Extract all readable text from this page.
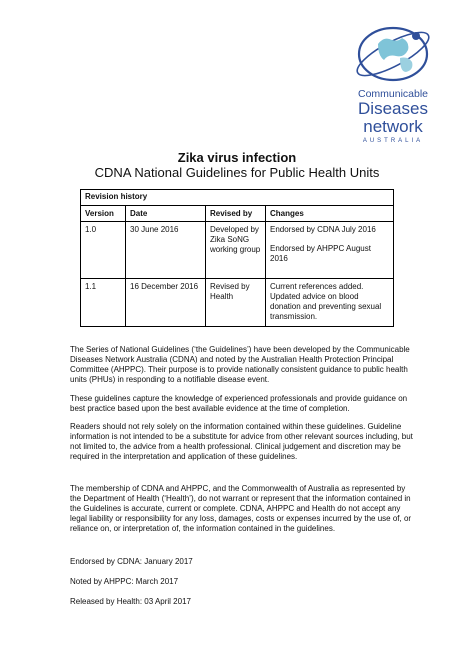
Communicable
Diseases
network
AUSTRALIA
Zika virus infection
CDNA National Guidelines for Public Health Units
Revision history			
Version	Date	Revised by	Changes
1.0	30 June 2016	Developed by Zika SoNG working group	Endorsed by CDNA July 2016
Endorsed by AHPPC August 2016

1.1	16 December 2016	Revised by Health	Current references added. Updated advice on blood donation and preventing sexual transmission.
The Series of National Guidelines (‘the Guidelines’) have been developed by the Communicable Diseases Network Australia (CDNA) and noted by the Australian Health Protection Principal Committee (AHPPC). Their purpose is to provide nationally consistent guidance to public health units (PHUs) in responding to a notifiable disease event.
These guidelines capture the knowledge of experienced professionals and provide guidance on best practice based upon the best available evidence at the time of completion.
Readers should not rely solely on the information contained within these guidelines. Guideline information is not intended to be a substitute for advice from other relevant sources including, but not limited to, the advice from a health professional. Clinical judgement and discretion may be required in the interpretation and application of these guidelines.
The membership of CDNA and AHPPC, and the Commonwealth of Australia as represented by the Department of Health (‘Health’), do not warrant or represent that the information contained in the Guidelines is accurate, current or complete. CDNA, AHPPC and Health do not accept any legal liability or responsibility for any loss, damages, costs or expenses incurred by the use of, or reliance on, or interpretation of, the information contained in the guidelines.
Endorsed by CDNA: January 2017
Noted by AHPPC: March 2017
Released by Health: 03 April 2017
